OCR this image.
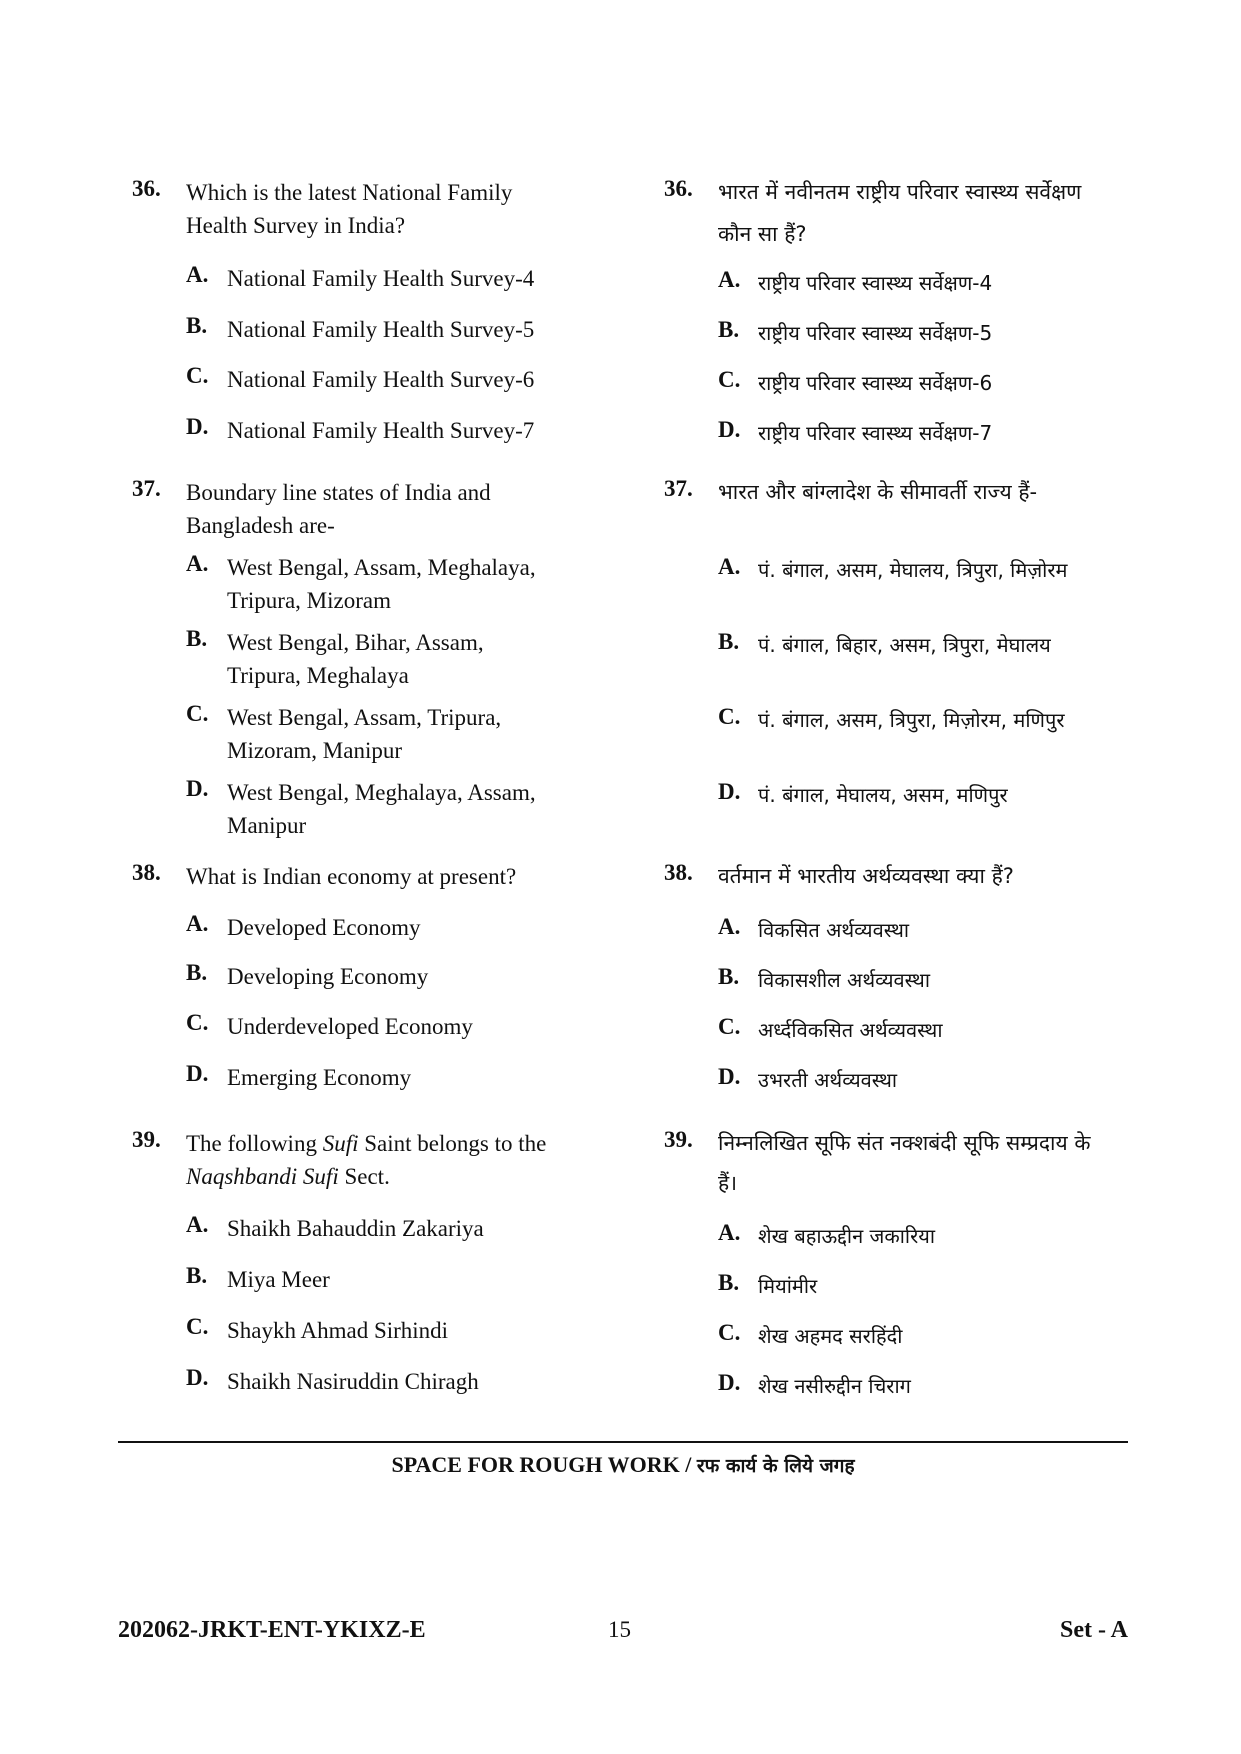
36. Which is the latest National Family
Health Survey in India?
A. National Family Health Survey-4
B. National Family Health Survey-5
C. National Family Health Survey-6
D. National Family Health Survey-7
37. Boundary line states of India and
Bangladesh are-
A. West Bengal, Assam, Meghalaya,
Tripura, Mizoram
B. West Bengal, Bihar, Assam,
Tripura, Meghalaya
C. West Bengal, Assam, Tripura,
Mizoram, Manipur
D. West Bengal, Meghalaya, Assam,
Manipur
38. What is Indian economy at present?
A. Developed Economy
B. Developing Economy
C. Underdeveloped Economy
D. Emerging Economy
39. The following Sufi Saint belongs to the
Naqshbandi Sufi Sect.
A. Shaikh Bahauddin Zakariya
B. Miya Meer
C. Shaykh Ahmad Sirhindi
D. Shaikh Nasiruddin Chiragh
36. भारत में नवीनतम राष्ट्रीय परिवार स्वास्थ्य सर्वेक्षण
कौन सा हैं?
A. राष्ट्रीय परिवार स्वास्थ्य सर्वेक्षण-4
B. राष्ट्रीय परिवार स्वास्थ्य सर्वेक्षण-5
C. राष्ट्रीय परिवार स्वास्थ्य सर्वेक्षण-6
D. राष्ट्रीय परिवार स्वास्थ्य सर्वेक्षण-7
37. भारत और बांग्लादेश के सीमावर्ती राज्य हैं-
A. पं. बंगाल, असम, मेघालय, त्रिपुरा, मिज़ोरम
B. पं. बंगाल, बिहार, असम, त्रिपुरा, मेघालय
C. पं. बंगाल, असम, त्रिपुरा, मिज़ोरम, मणिपुर
D. पं. बंगाल, मेघालय, असम, मणिपुर
38. वर्तमान में भारतीय अर्थव्यवस्था क्या हैं?
A. विकसित अर्थव्यवस्था
B. विकासशील अर्थव्यवस्था
C. अर्ध्दविकसित अर्थव्यवस्था
D. उभरती अर्थव्यवस्था
39. निम्नलिखित सूफि संत नक्शबंदी सूफि सम्प्रदाय के
हैं।
A. शेख बहाऊद्दीन जकारिया
B. मियांमीर
C. शेख अहमद सरहिंदी
D. शेख नसीरुद्दीन चिराग
SPACE FOR ROUGH WORK / रफ कार्य के लिये जगह
202062-JRKT-ENT-YKIXZ-E	15	Set - A
